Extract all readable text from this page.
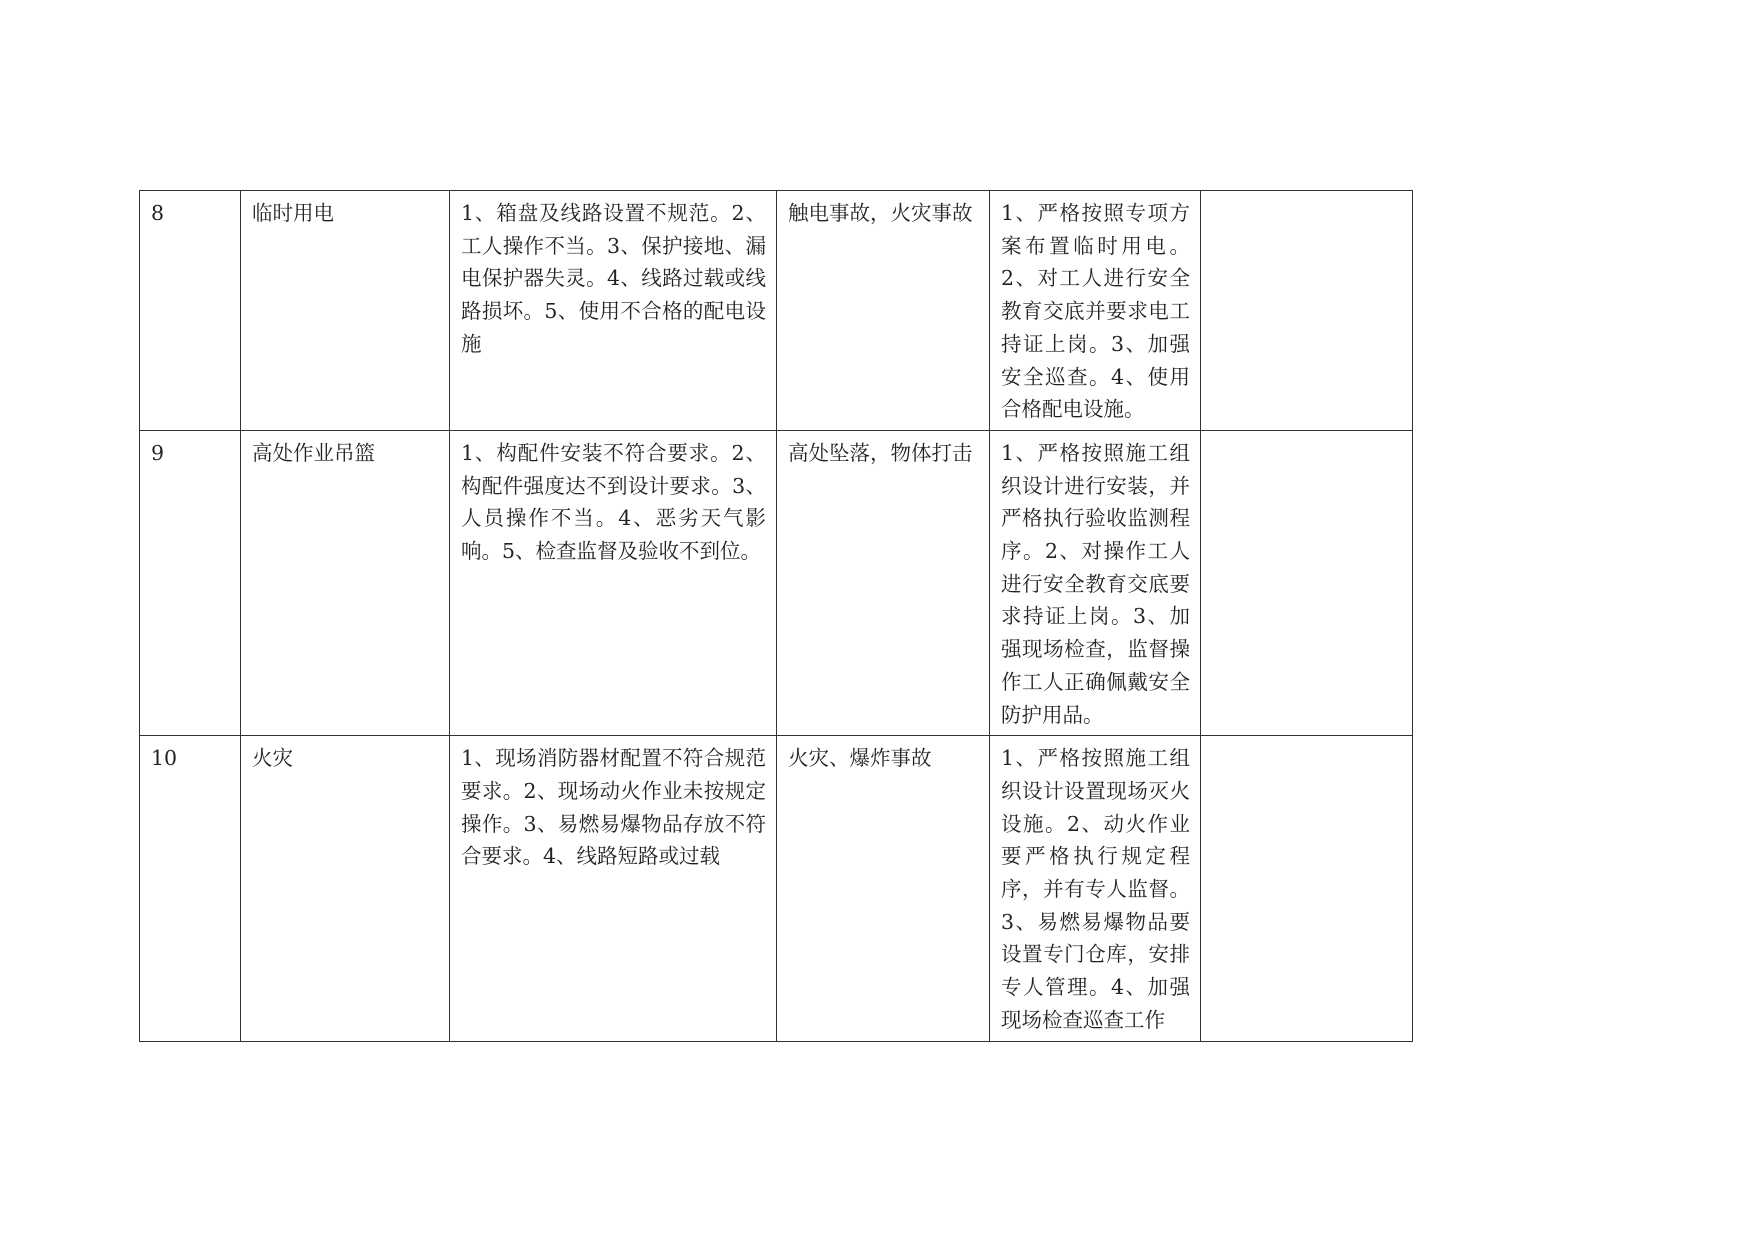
8	临时用电	1、箱盘及线路设置不规范。2、工人操作不当。3、保护接地、漏电保护器失灵。4、线路过载或线路损坏。5、使用不合格的配电设施	触电事故，火灾事故	1、严格按照专项方案布置临时用电。2、对工人进行安全教育交底并要求电工持证上岗。3、加强安全巡查。4、使用合格配电设施。	
9	高处作业吊篮	1、构配件安装不符合要求。2、构配件强度达不到设计要求。3、人员操作不当。4、恶劣天气影响。5、检查监督及验收不到位。	高处坠落，物体打击	1、严格按照施工组织设计进行安装，并严格执行验收监测程序。2、对操作工人进行安全教育交底要求持证上岗。3、加强现场检查，监督操作工人正确佩戴安全防护用品。	
10	火灾	1、现场消防器材配置不符合规范要求。2、现场动火作业未按规定操作。3、易燃易爆物品存放不符合要求。4、线路短路或过载	火灾、爆炸事故	1、严格按照施工组织设计设置现场灭火设施。2、动火作业要严格执行规定程序，并有专人监督。3、易燃易爆物品要设置专门仓库，安排专人管理。4、加强现场检查巡查工作	
